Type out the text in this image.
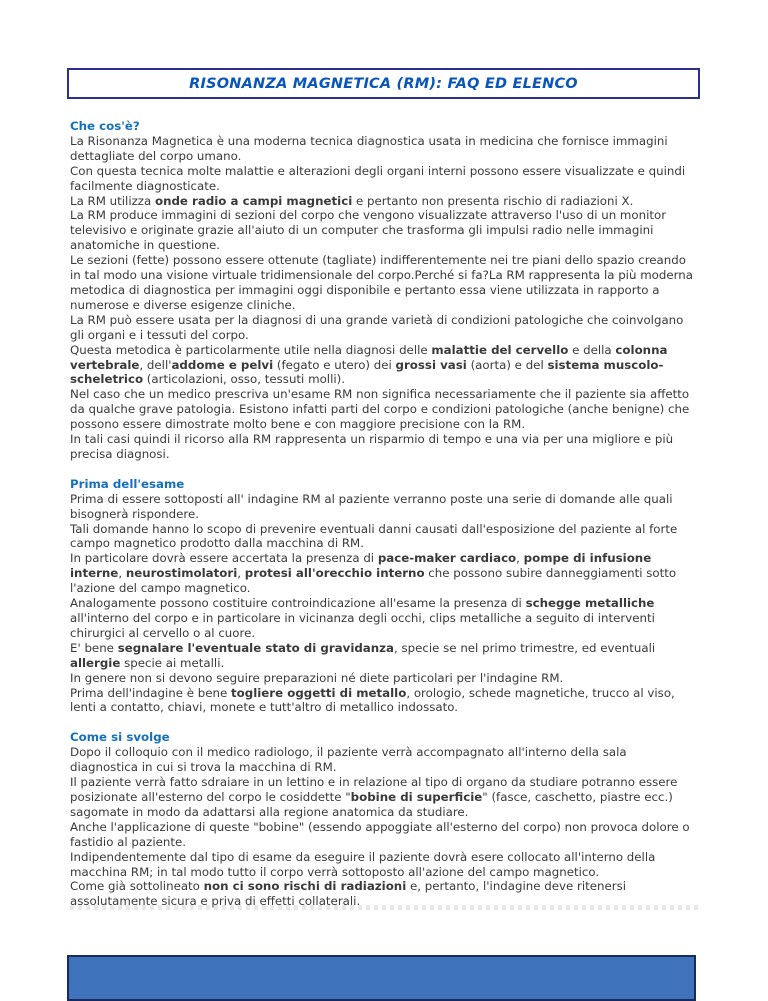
RISONANZA MAGNETICA (RM): FAQ ED ELENCO
Che cos'è?

La Risonanza Magnetica è una moderna tecnica diagnostica usata in medicina che fornisce immagini dettagliate del corpo umano.

Con questa tecnica molte malattie e alterazioni degli organi interni possono essere visualizzate e quindi facilmente diagnosticate.

La RM utilizza onde radio a campi magnetici e pertanto non presenta rischio di radiazioni X.

La RM produce immagini di sezioni del corpo che vengono visualizzate attraverso l'uso di un monitor televisivo e originate grazie all'aiuto di un computer che trasforma gli impulsi radio nelle immagini anatomiche in questione.

Le sezioni (fette) possono essere ottenute (tagliate) indifferentemente nei tre piani dello spazio creando in tal modo una visione virtuale tridimensionale del corpo.Perché si fa?La RM rappresenta la più moderna metodica di diagnostica per immagini oggi disponibile e pertanto essa viene utilizzata in rapporto a numerose e diverse esigenze cliniche.

La RM può essere usata per la diagnosi di una grande varietà di condizioni patologiche che coinvolgano gli organi e i tessuti del corpo.

Questa metodica è particolarmente utile nella diagnosi delle malattie del cervello e della colonna vertebrale, dell'addome e pelvi (fegato e utero) dei grossi vasi (aorta) e del sistema muscolo-scheletrico (articolazioni, osso, tessuti molli).

Nel caso che un medico prescriva un'esame RM non significa necessariamente che il paziente sia affetto da qualche grave patologia. Esistono infatti parti del corpo e condizioni patologiche (anche benigne) che possono essere dimostrate molto bene e con maggiore precisione con la RM.

In tali casi quindi il ricorso alla RM rappresenta un risparmio di tempo e una via per una migliore e più precisa diagnosi.

Prima dell'esame

Prima di essere sottoposti all' indagine RM al paziente verranno poste una serie di domande alle quali bisognerà rispondere.

Tali domande hanno lo scopo di prevenire eventuali danni causati dall'esposizione del paziente al forte campo magnetico prodotto dalla macchina di RM.

In particolare dovrà essere accertata la presenza di pace-maker cardiaco, pompe di infusione interne, neurostimolatori, protesi all'orecchio interno che possono subire danneggiamenti sotto l'azione del campo magnetico.

Analogamente possono costituire controindicazione all'esame la presenza di schegge metalliche all'interno del corpo e in particolare in vicinanza degli occhi, clips metalliche a seguito di interventi chirurgici al cervello o al cuore.

E' bene segnalare l'eventuale stato di gravidanza, specie se nel primo trimestre, ed eventuali allergie specie ai metalli.

In genere non si devono seguire preparazioni né diete particolari per l'indagine RM.

Prima dell'indagine è bene togliere oggetti di metallo, orologio, schede magnetiche, trucco al viso, lenti a contatto, chiavi, monete e tutt'altro di metallico indossato.

Come si svolge

Dopo il colloquio con il medico radiologo, il paziente verrà accompagnato all'interno della sala diagnostica in cui si trova la macchina di RM.

Il paziente verrà fatto sdraiare in un lettino e in relazione al tipo di organo da studiare potranno essere posizionate all'esterno del corpo le cosiddette "bobine di superficie" (fasce, caschetto, piastre ecc.) sagomate in modo da adattarsi alla regione anatomica da studiare.

Anche l'applicazione di queste "bobine" (essendo appoggiate all'esterno del corpo) non provoca dolore o fastidio al paziente.

Indipendentemente dal tipo di esame da eseguire il paziente dovrà esere collocato all'interno della macchina RM; in tal modo tutto il corpo verrà sottoposto all'azione del campo magnetico.

Come già sottolineato non ci sono rischi di radiazioni e, pertanto, l'indagine deve ritenersi assolutamente sicura e priva di effetti collaterali.
